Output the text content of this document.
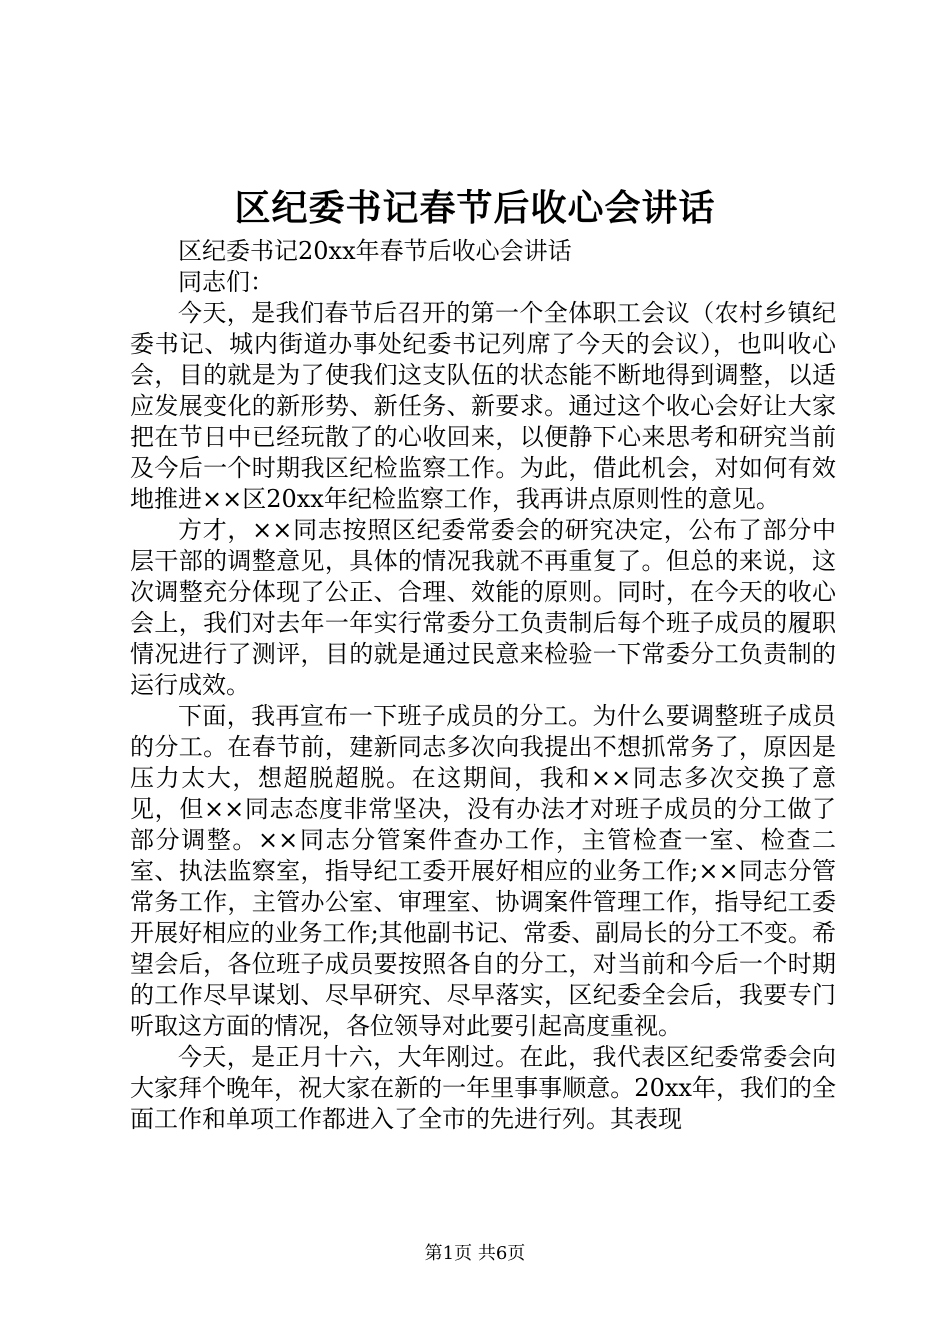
区纪委书记春节后收心会讲话
区纪委书记20xx年春节后收心会讲话
同志们：

今天，是我们春节后召开的第一个全体职工会议（农村乡镇纪委书记、城内街道办事处纪委书记列席了今天的会议），也叫收心会，目的就是为了使我们这支队伍的状态能不断地得到调整，以适应发展变化的新形势、新任务、新要求。通过这个收心会好让大家把在节日中已经玩散了的心收回来，以便静下心来思考和研究当前及今后一个时期我区纪检监察工作。为此，借此机会，对如何有效地推进××区20xx年纪检监察工作，我再讲点原则性的意见。

方才，××同志按照区纪委常委会的研究决定，公布了部分中层干部的调整意见，具体的情况我就不再重复了。但总的来说，这次调整充分体现了公正、合理、效能的原则。同时，在今天的收心会上，我们对去年一年实行常委分工负责制后每个班子成员的履职情况进行了测评，目的就是通过民意来检验一下常委分工负责制的运行成效。

下面，我再宣布一下班子成员的分工。为什么要调整班子成员的分工。在春节前，建新同志多次向我提出不想抓常务了，原因是压力太大，想超脱超脱。在这期间，我和××同志多次交换了意见，但××同志态度非常坚决，没有办法才对班子成员的分工做了部分调整。××同志分管案件查办工作，主管检查一室、检查二室、执法监察室，指导纪工委开展好相应的业务工作;××同志分管常务工作，主管办公室、审理室、协调案件管理工作，指导纪工委开展好相应的业务工作;其他副书记、常委、副局长的分工不变。希望会后，各位班子成员要按照各自的分工，对当前和今后一个时期的工作尽早谋划、尽早研究、尽早落实，区纪委全会后，我要专门听取这方面的情况，各位领导对此要引起高度重视。

今天，是正月十六，大年刚过。在此，我代表区纪委常委会向大家拜个晚年，祝大家在新的一年里事事顺意。20xx年，我们的全面工作和单项工作都进入了全市的先进行列。其表现

第1页 共6页
